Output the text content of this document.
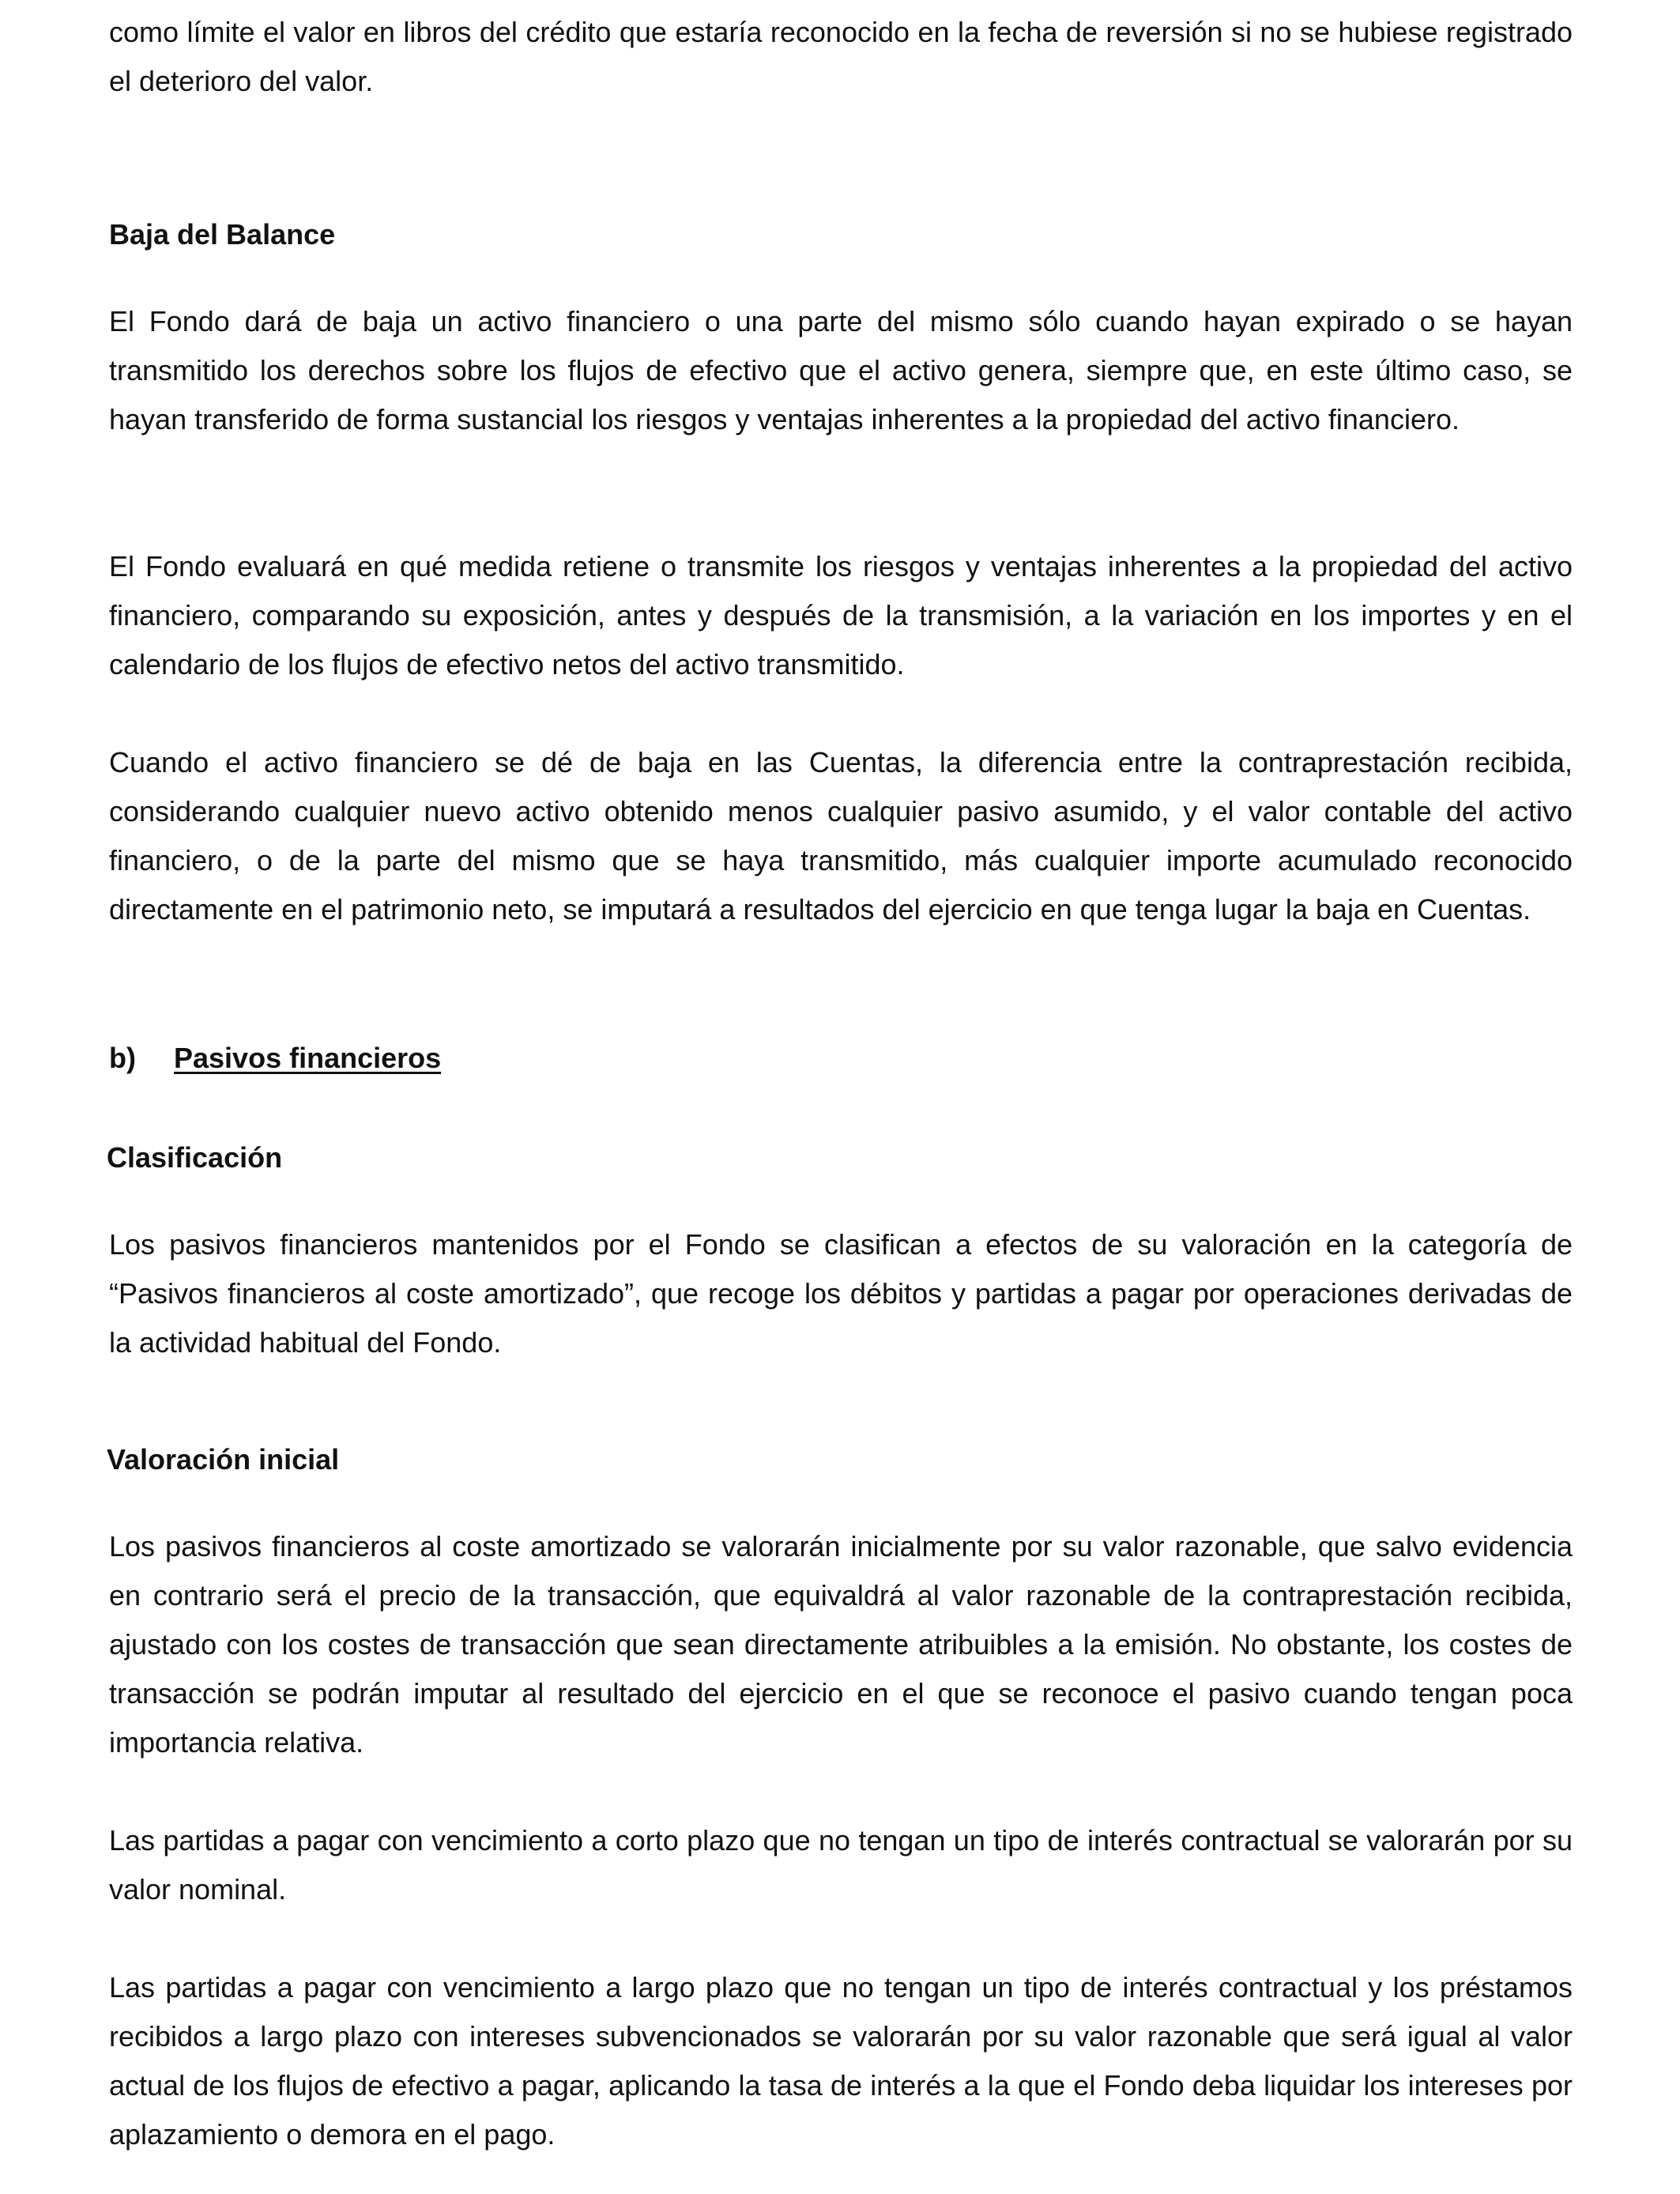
como límite el valor en libros del crédito que estaría reconocido en la fecha de reversión si no se hubiese registrado el deterioro del valor.

Baja del Balance

El Fondo dará de baja un activo financiero o una parte del mismo sólo cuando hayan expirado o se hayan transmitido los derechos sobre los flujos de efectivo que el activo genera, siempre que, en este último caso, se hayan transferido de forma sustancial los riesgos y ventajas inherentes a la propiedad del activo financiero.

El Fondo evaluará en qué medida retiene o transmite los riesgos y ventajas inherentes a la propiedad del activo financiero, comparando su exposición, antes y después de la transmisión, a la variación en los importes y en el calendario de los flujos de efectivo netos del activo transmitido.

Cuando el activo financiero se dé de baja en las Cuentas, la diferencia entre la contraprestación recibida, considerando cualquier nuevo activo obtenido menos cualquier pasivo asumido, y el valor contable del activo financiero, o de la parte del mismo que se haya transmitido, más cualquier importe acumulado reconocido directamente en el patrimonio neto, se imputará a resultados del ejercicio en que tenga lugar la baja en Cuentas.

b) Pasivos financieros
Clasificación

Los pasivos financieros mantenidos por el Fondo se clasifican a efectos de su valoración en la categoría de “Pasivos financieros al coste amortizado”, que recoge los débitos y partidas a pagar por operaciones derivadas de la actividad habitual del Fondo.

Valoración inicial

Los pasivos financieros al coste amortizado se valorarán inicialmente por su valor razonable, que salvo evidencia en contrario será el precio de la transacción, que equivaldrá al valor razonable de la contraprestación recibida, ajustado con los costes de transacción que sean directamente atribuibles a la emisión. No obstante, los costes de transacción se podrán imputar al resultado del ejercicio en el que se reconoce el pasivo cuando tengan poca importancia relativa.

Las partidas a pagar con vencimiento a corto plazo que no tengan un tipo de interés contractual se valorarán por su valor nominal.

Las partidas a pagar con vencimiento a largo plazo que no tengan un tipo de interés contractual y los préstamos recibidos a largo plazo con intereses subvencionados se valorarán por su valor razonable que será igual al valor actual de los flujos de efectivo a pagar, aplicando la tasa de interés a la que el Fondo deba liquidar los intereses por aplazamiento o demora en el pago.
